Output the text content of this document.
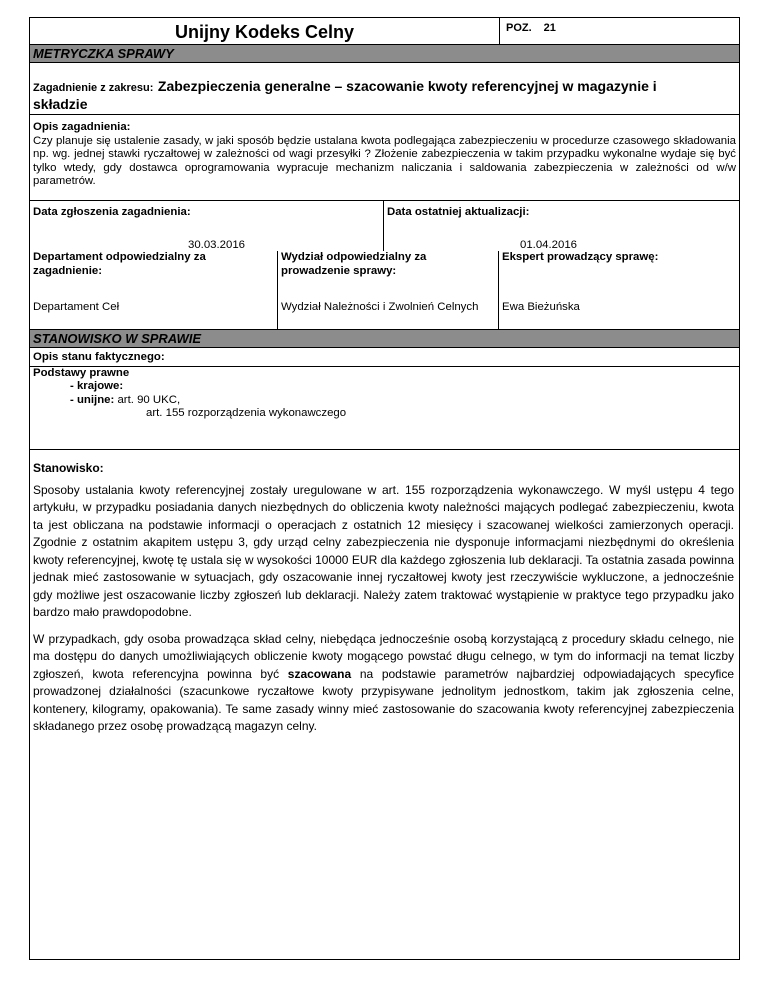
Unijny Kodeks Celny	POZ. 21
METRYCZKA SPRAWY
Zagadnienie z zakresu: Zabezpieczenia generalne – szacowanie kwoty referencyjnej w magazynie i
składzie
Opis zagadnienia:
Czy planuje się ustalenie zasady, w jaki sposób będzie ustalana kwota podlegająca zabezpieczeniu w procedurze czasowego składowania np. wg. jednej stawki ryczałtowej w zależności od wagi przesyłki ? Złożenie zabezpieczenia w takim przypadku wykonalne wydaje się być tylko wtedy, gdy dostawca oprogramowania wypracuje mechanizm naliczania i saldowania zabezpieczenia w zależności od w/w parametrów.
Data zgłoszenia zagadnienia:
30.03.2016
Data ostatniej aktualizacji:
01.04.2016
Departament odpowiedzialny za zagadnienie:
Departament Ceł
Wydział odpowiedzialny za prowadzenie sprawy:
Wydział Należności i Zwolnień Celnych
Ekspert prowadzący sprawę:
Ewa Bieżuńska
STANOWISKO W SPRAWIE
Opis stanu faktycznego:
Podstawy prawne
- krajowe:
- unijne: art. 90 UKC,
art. 155 rozporządzenia wykonawczego

Stanowisko:

Sposoby ustalania kwoty referencyjnej zostały uregulowane w art. 155 rozporządzenia wykonawczego. W myśl ustępu 4 tego artykułu, w przypadku posiadania danych niezbędnych do obliczenia kwoty należności mających podlegać zabezpieczeniu, kwota ta jest obliczana na podstawie informacji o operacjach z ostatnich 12 miesięcy i szacowanej wielkości zamierzonych operacji. Zgodnie z ostatnim akapitem ustępu 3, gdy urząd celny zabezpieczenia nie dysponuje informacjami niezbędnymi do określenia kwoty referencyjnej, kwotę tę ustala się w wysokości 10000 EUR dla każdego zgłoszenia lub deklaracji. Ta ostatnia zasada powinna jednak mieć zastosowanie w sytuacjach, gdy oszacowanie innej ryczałtowej kwoty jest rzeczywiście wykluczone, a jednocześnie gdy możliwe jest oszacowanie liczby zgłoszeń lub deklaracji. Należy zatem traktować wystąpienie w praktyce tego przypadku jako bardzo mało prawdopodobne.

W przypadkach, gdy osoba prowadząca skład celny, niebędąca jednocześnie osobą korzystającą z procedury składu celnego, nie ma dostępu do danych umożliwiających obliczenie kwoty mogącego powstać długu celnego, w tym do informacji na temat liczby zgłoszeń, kwota referencyjna powinna być szacowana na podstawie parametrów najbardziej odpowiadających specyfice prowadzonej działalności (szacunkowe ryczałtowe kwoty przypisywane jednolitym jednostkom, takim jak zgłoszenia celne, kontenery, kilogramy, opakowania). Te same zasady winny mieć zastosowanie do szacowania kwoty referencyjnej zabezpieczenia składanego przez osobę prowadzącą magazyn celny.
